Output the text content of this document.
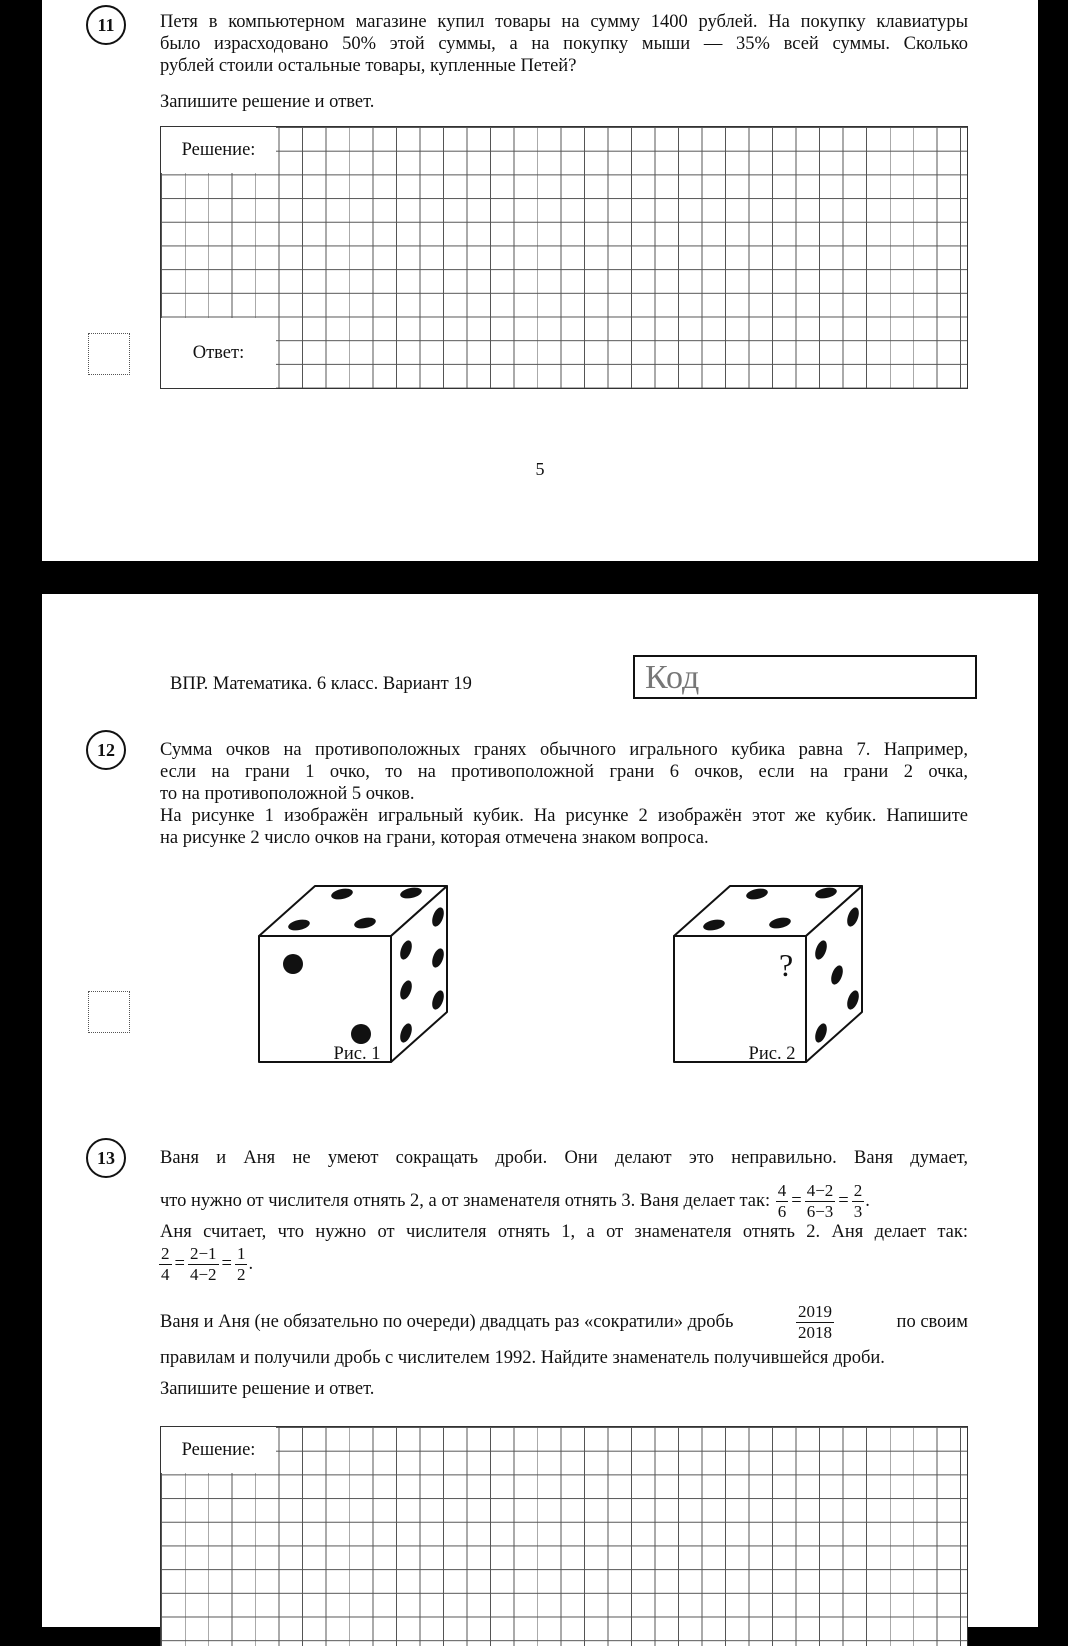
11 Петя в компьютерном магазине купил товары на сумму 1400 рублей. На покупку клавиатуры
было израсходовано 50% этой суммы, а на покупку мыши — 35% всей суммы. Сколько
рублей стоили остальные товары, купленные Петей?
Запишите решение и ответ.
Решение:
Ответ:
5
ВПР. Математика. 6 класс. Вариант 19	Код
12 Сумма очков на противоположных гранях обычного игрального кубика равна 7. Например,
если на грани 1 очко, то на противоположной грани 6 очков, если на грани 2 очка,
то на противоположной 5 очков.
На рисунке 1 изображён игральный кубик. На рисунке 2 изображён этот же кубик. Напишите
на рисунке 2 число очков на грани, которая отмечена знаком вопроса.
Рис. 1
?
Рис. 2
13 Ваня и Аня не умеют сокращать дроби. Они делают это неправильно. Ваня думает,
что нужно от числителя отнять 2, а от знаменателя отнять 3. Ваня делает так: $\frac{4}{6} = \frac{4-2}{6-3} = \frac{2}{3}$ .
Аня считает, что нужно от числителя отнять 1, а от знаменателя отнять 2. Аня делает так:
$\frac{2}{4} = \frac{2-1}{4-2} = \frac{1}{2}$ .
Ваня и Аня (не обязательно по очереди) двадцать раз «сократили» дробь	$\frac{2019}{2018}$	по своим
правилам и получили дробь с числителем 1992. Найдите знаменатель получившейся дроби.
Запишите решение и ответ.
Решение:
